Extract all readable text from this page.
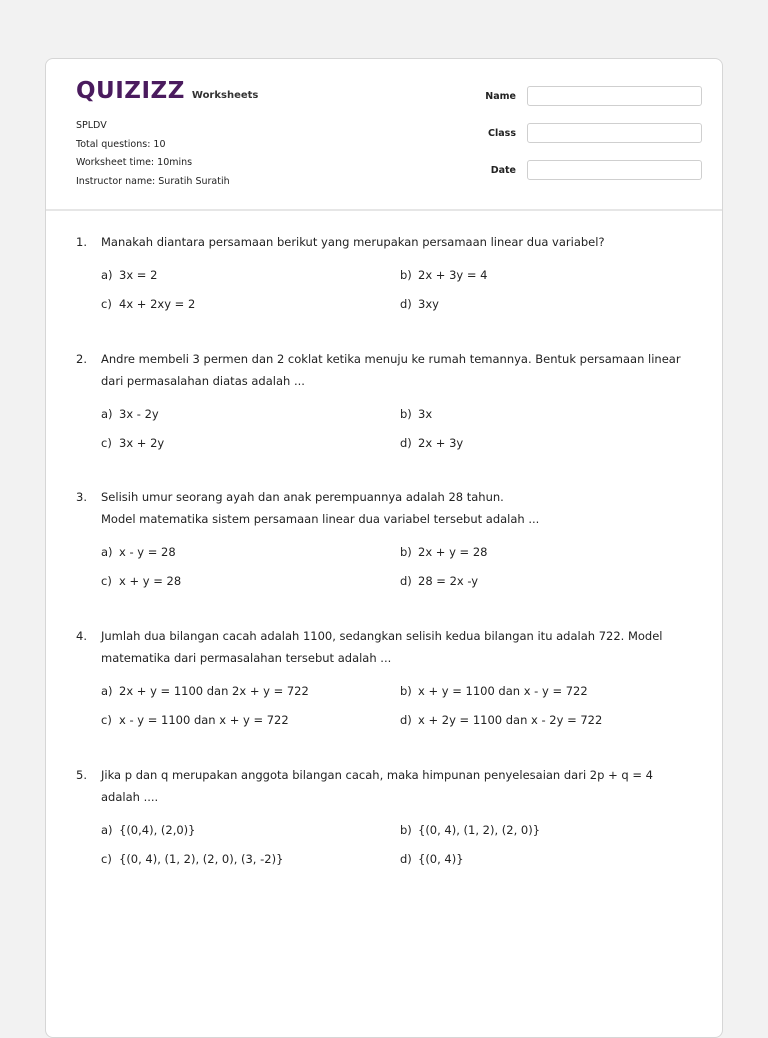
QUIZIZZ Worksheets
SPLDV
Total questions: 10
Worksheet time: 10mins
Instructor name: Suratih Suratih
Name
Class
Date
1.	Manakah diantara persamaan berikut yang merupakan persamaan linear dua variabel?
a) 3x = 2	b) 2x + 3y = 4
c) 4x + 2xy = 2	d) 3xy
2.	Andre membeli 3 permen dan 2 coklat ketika menuju ke rumah temannya. Bentuk persamaan linear dari permasalahan diatas adalah ...
a) 3x - 2y	b) 3x
c) 3x + 2y	d) 2x + 3y
3.	Selisih umur seorang ayah dan anak perempuannya adalah 28 tahun.
Model matematika sistem persamaan linear dua variabel tersebut adalah ...
a) x - y = 28	b) 2x + y = 28
c) x + y = 28	d) 28 = 2x -y
4.	Jumlah dua bilangan cacah adalah 1100, sedangkan selisih kedua bilangan itu adalah 722. Model matematika dari permasalahan tersebut adalah ...
a) 2x + y = 1100 dan 2x + y = 722	b) x + y = 1100 dan x - y = 722
c) x - y = 1100 dan x + y = 722	d) x + 2y = 1100 dan x - 2y = 722
5.	Jika p dan q merupakan anggota bilangan cacah, maka himpunan penyelesaian dari 2p + q = 4 adalah ....
a) {(0,4), (2,0)}	b) {(0, 4), (1, 2), (2, 0)}
c) {(0, 4), (1, 2), (2, 0), (3, -2)}	d) {(0, 4)}
